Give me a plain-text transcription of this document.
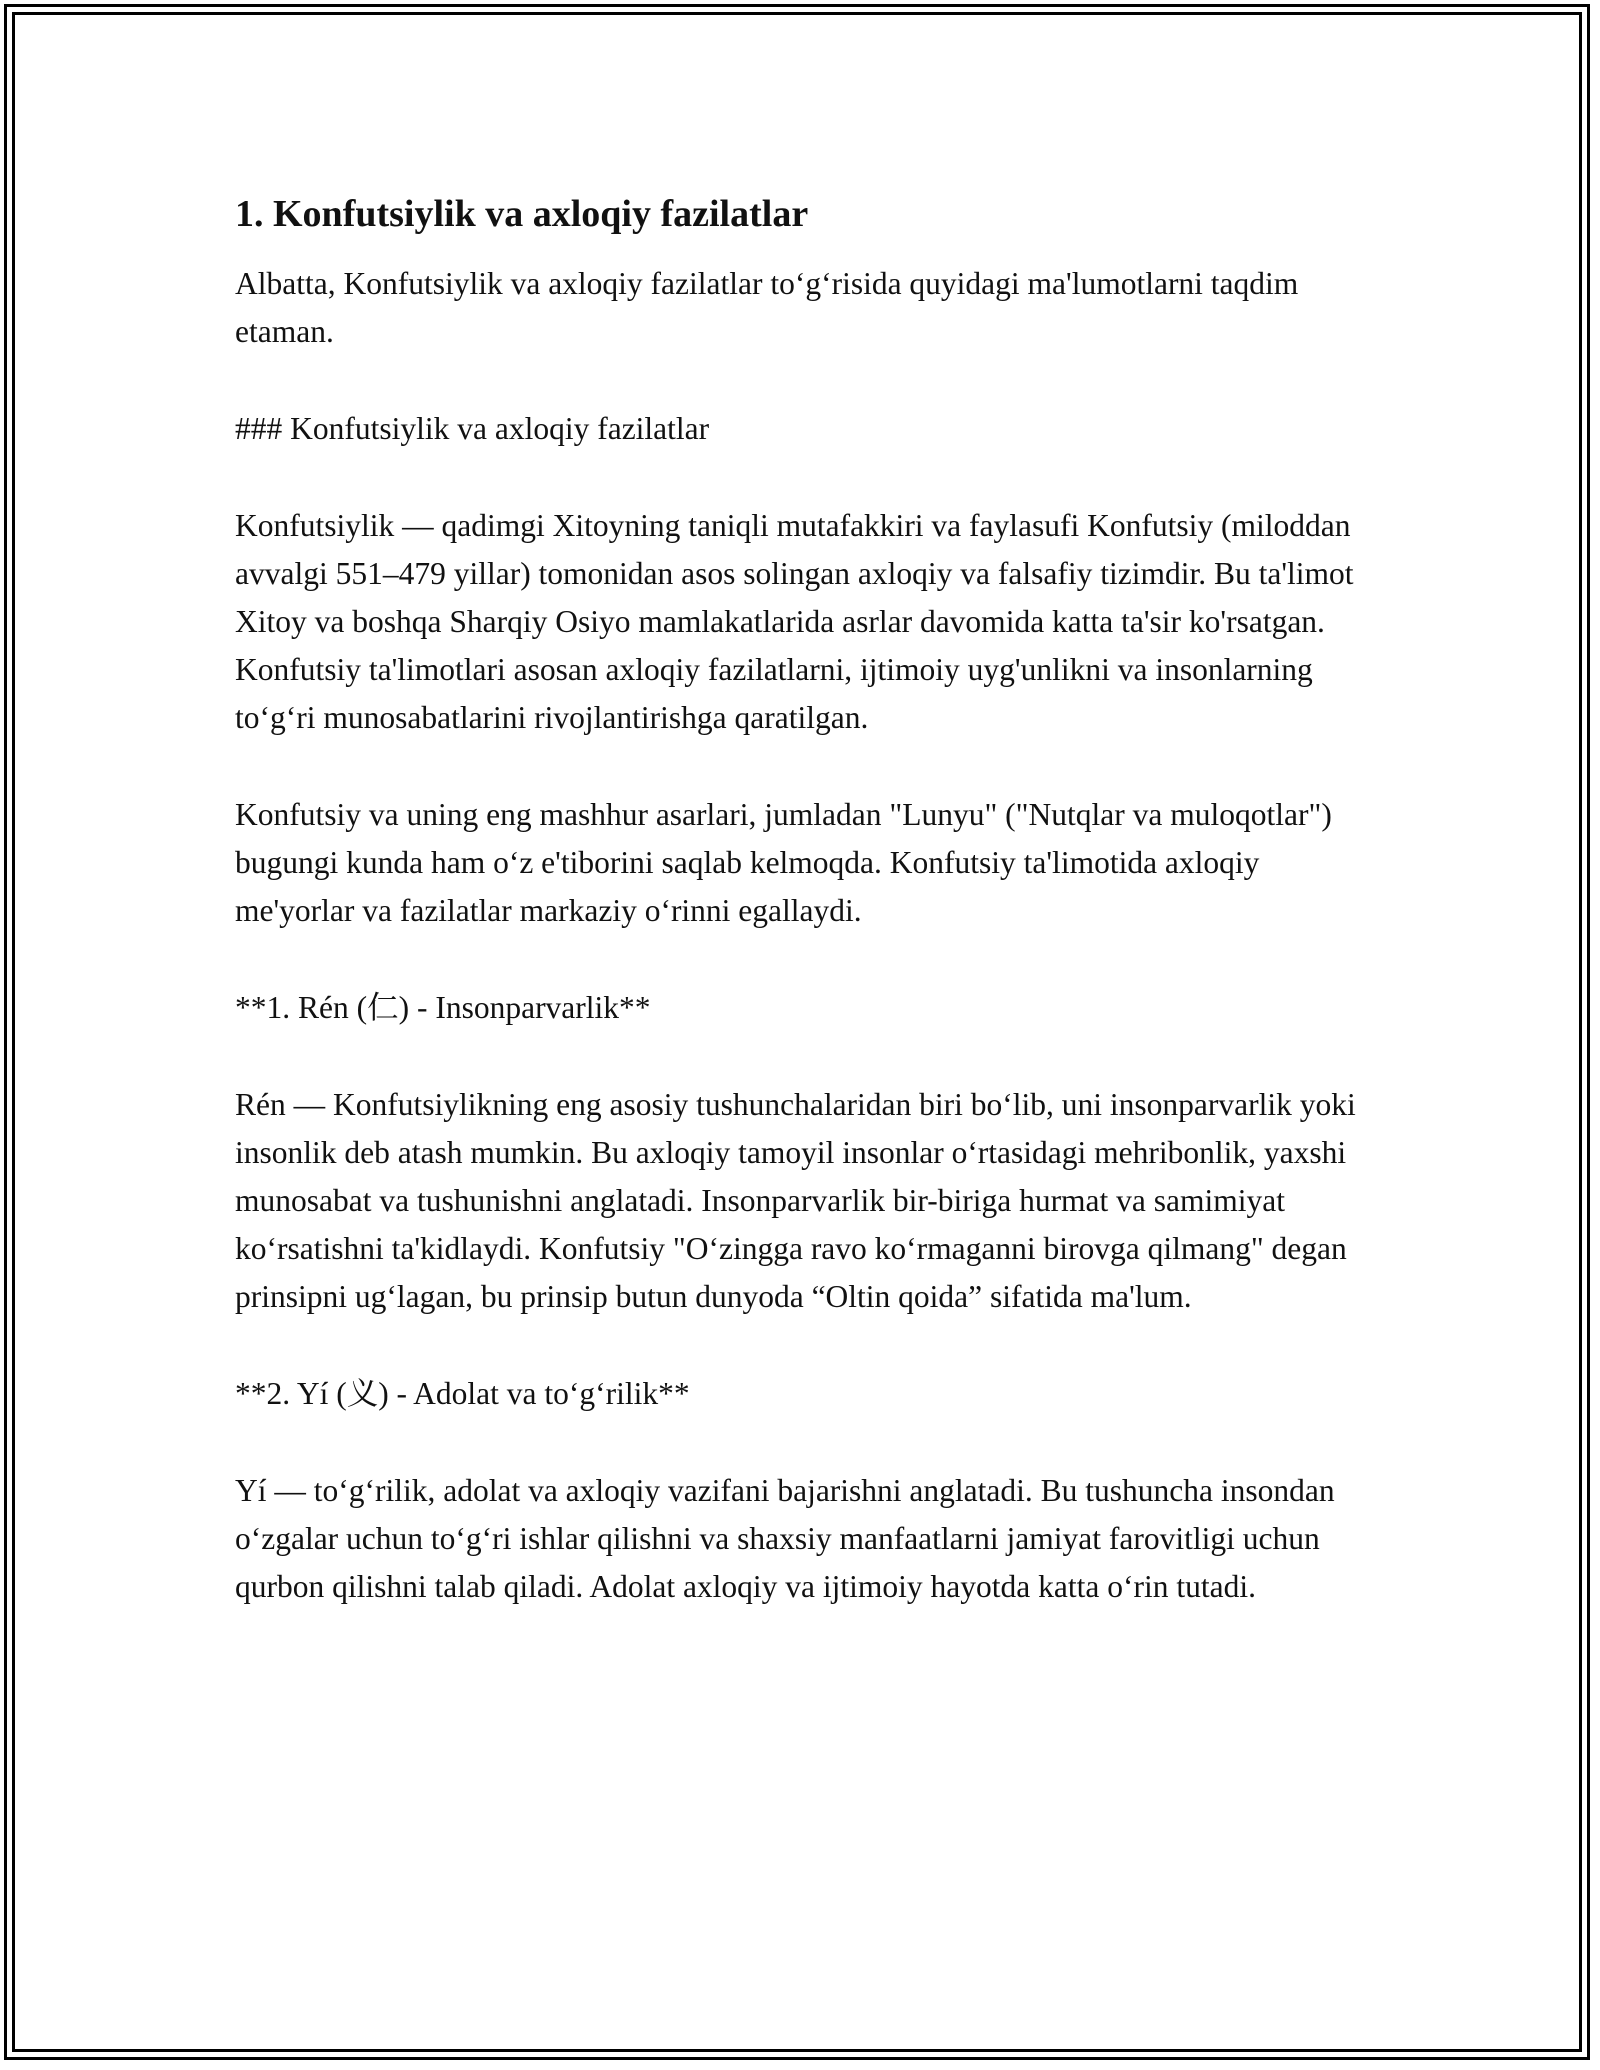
1. Konfutsiylik va axloqiy fazilatlar

Albatta, Konfutsiylik va axloqiy fazilatlar to‘g‘risida quyidagi ma'lumotlarni taqdim etaman.

### Konfutsiylik va axloqiy fazilatlar

Konfutsiylik — qadimgi Xitoyning taniqli mutafakkiri va faylasufi Konfutsiy (miloddan avvalgi 551–479 yillar) tomonidan asos solingan axloqiy va falsafiy tizimdir. Bu ta'limot Xitoy va boshqa Sharqiy Osiyo mamlakatlarida asrlar davomida katta ta'sir ko'rsatgan. Konfutsiy ta'limotlari asosan axloqiy fazilatlarni, ijtimoiy uyg'unlikni va insonlarning to‘g‘ri munosabatlarini rivojlantirishga qaratilgan.

Konfutsiy va uning eng mashhur asarlari, jumladan "Lunyu" ("Nutqlar va muloqotlar") bugungi kunda ham o‘z e'tiborini saqlab kelmoqda. Konfutsiy ta'limotida axloqiy me'yorlar va fazilatlar markaziy o‘rinni egallaydi.

**1. Rén (仁) - Insonparvarlik**

Rén — Konfutsiylikning eng asosiy tushunchalaridan biri bo‘lib, uni insonparvarlik yoki insonlik deb atash mumkin. Bu axloqiy tamoyil insonlar o‘rtasidagi mehribonlik, yaxshi munosabat va tushunishni anglatadi. Insonparvarlik bir-biriga hurmat va samimiyat ko‘rsatishni ta'kidlaydi. Konfutsiy "O‘zingga ravo ko‘rmaganni birovga qilmang" degan prinsipni ug‘lagan, bu prinsip butun dunyoda “Oltin qoida” sifatida ma'lum.

**2. Yí (义) - Adolat va to‘g‘rilik**

Yí — to‘g‘rilik, adolat va axloqiy vazifani bajarishni anglatadi. Bu tushuncha insondan o‘zgalar uchun to‘g‘ri ishlar qilishni va shaxsiy manfaatlarni jamiyat farovitligi uchun qurbon qilishni talab qiladi. Adolat axloqiy va ijtimoiy hayotda katta o‘rin tutadi.
